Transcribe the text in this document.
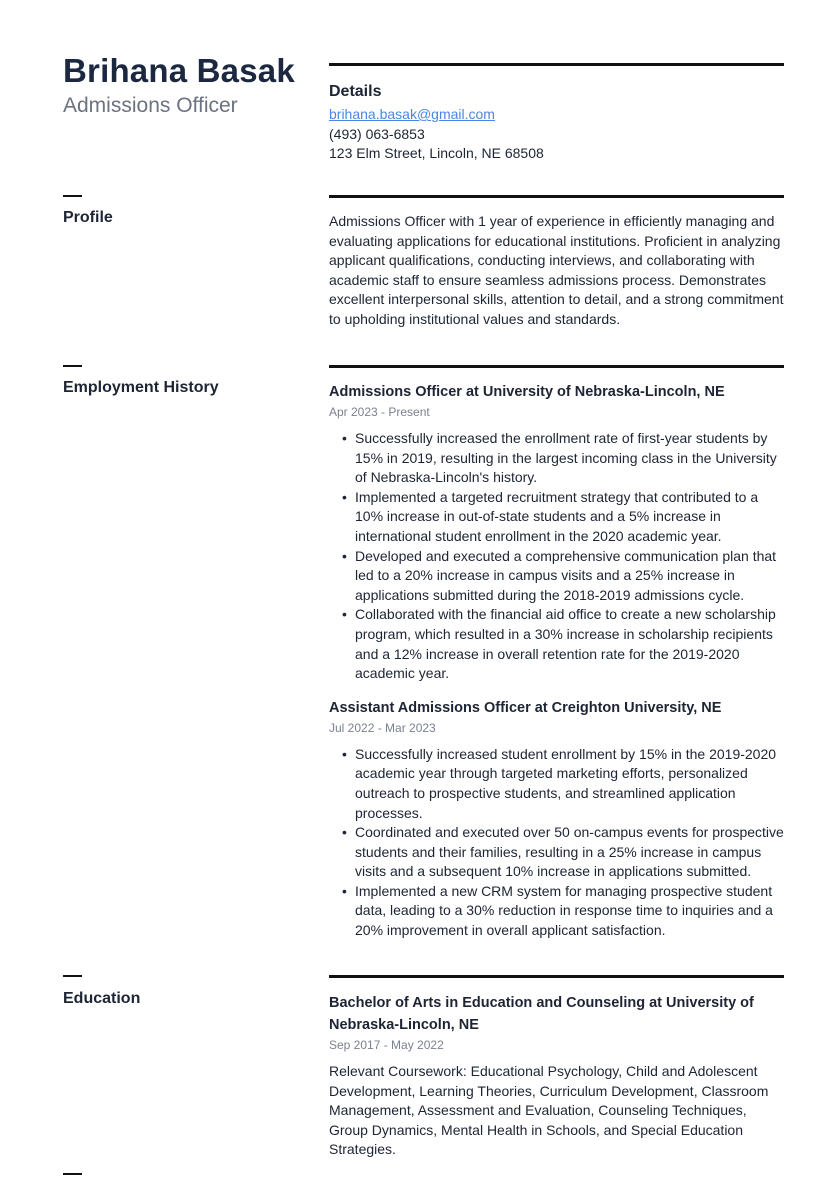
Brihana Basak
Admissions Officer
Details
brihana.basak@gmail.com
(493) 063-6853
123 Elm Street, Lincoln, NE 68508
Profile	Admissions Officer with 1 year of experience in efficiently managing and evaluating applications for educational institutions. Proficient in analyzing applicant qualifications, conducting interviews, and collaborating with academic staff to ensure seamless admissions process. Demonstrates excellent interpersonal skills, attention to detail, and a strong commitment to upholding institutional values and standards.

Employment History	Admissions Officer at University of Nebraska-Lincoln, NE
Apr 2023 - Present
• Successfully increased the enrollment rate of first-year students by 15% in 2019, resulting in the largest incoming class in the University of Nebraska-Lincoln's history.
• Implemented a targeted recruitment strategy that contributed to a 10% increase in out-of-state students and a 5% increase in international student enrollment in the 2020 academic year.
• Developed and executed a comprehensive communication plan that led to a 20% increase in campus visits and a 25% increase in applications submitted during the 2018-2019 admissions cycle.
• Collaborated with the financial aid office to create a new scholarship program, which resulted in a 30% increase in scholarship recipients and a 12% increase in overall retention rate for the 2019-2020 academic year.
Assistant Admissions Officer at Creighton University, NE
Jul 2022 - Mar 2023
• Successfully increased student enrollment by 15% in the 2019-2020 academic year through targeted marketing efforts, personalized outreach to prospective students, and streamlined application processes.
• Coordinated and executed over 50 on-campus events for prospective students and their families, resulting in a 25% increase in campus visits and a subsequent 10% increase in applications submitted.
• Implemented a new CRM system for managing prospective student data, leading to a 30% reduction in response time to inquiries and a 20% improvement in overall applicant satisfaction.
Education	Bachelor of Arts in Education and Counseling at University of Nebraska-Lincoln, NE
Sep 2017 - May 2022

Relevant Coursework: Educational Psychology, Child and Adolescent Development, Learning Theories, Curriculum Development, Classroom Management, Assessment and Evaluation, Counseling Techniques, Group Dynamics, Mental Health in Schools, and Special Education Strategies.
